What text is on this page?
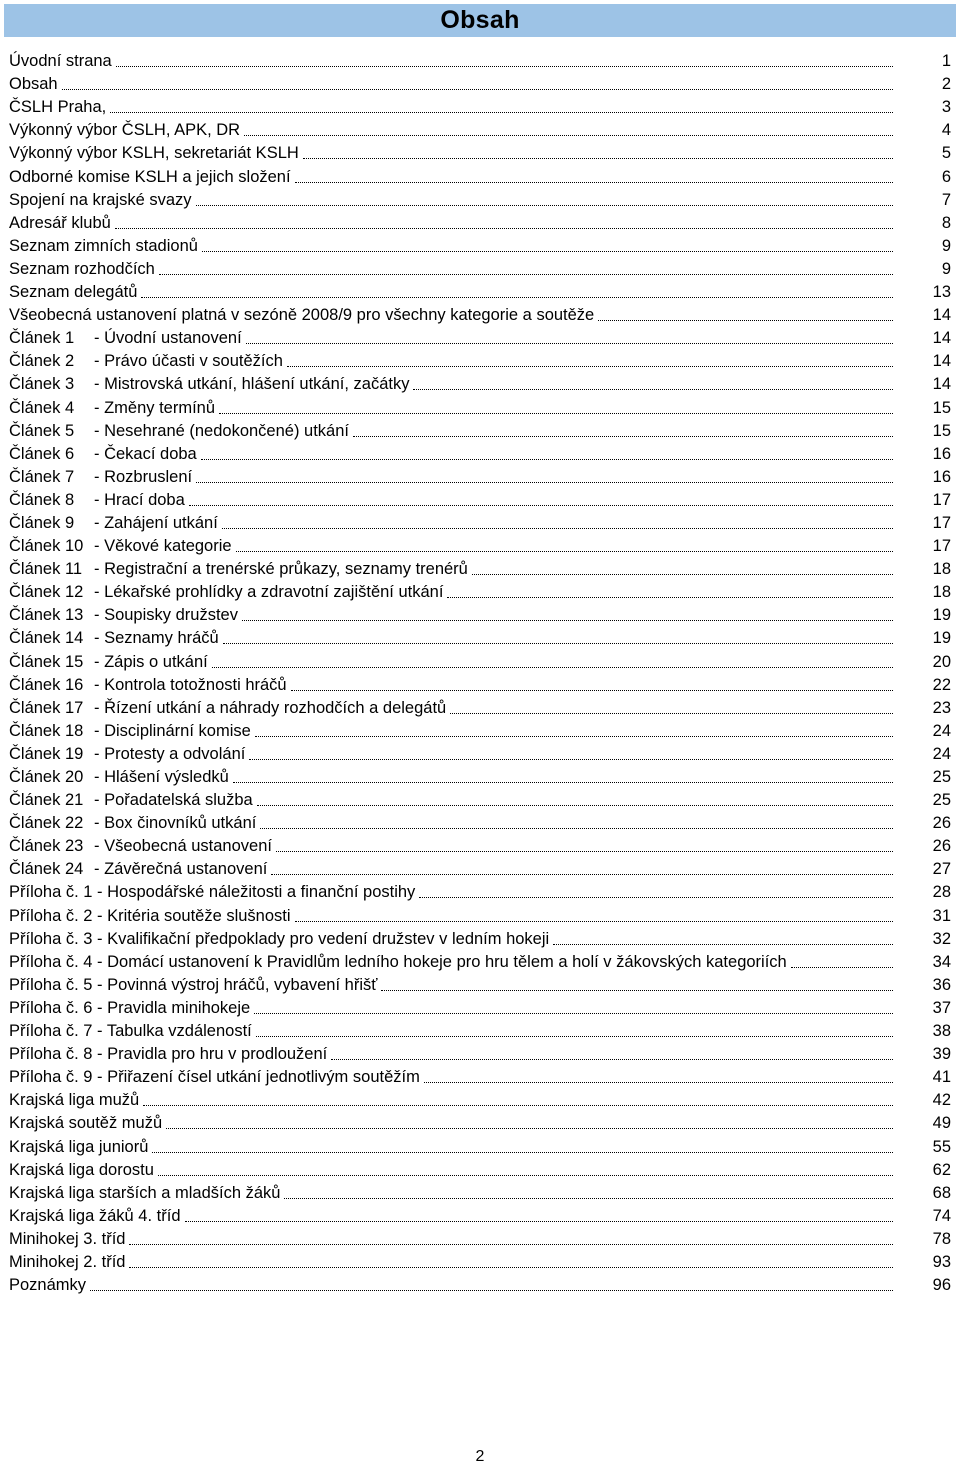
Obsah
Úvodní strana	1
Obsah	2
ČSLH Praha,	3
Výkonný výbor ČSLH, APK, DR	4
Výkonný výbor KSLH, sekretariát KSLH	5
Odborné komise KSLH a jejich složení	6
Spojení na krajské svazy	7
Adresář klubů	8
Seznam zimních stadionů	9
Seznam rozhodčích	9
Seznam delegátů	13
Všeobecná ustanovení platná v sezóně 2008/9 pro všechny kategorie a soutěže	14
Článek 1	- Úvodní ustanovení	14
Článek 2	- Právo účasti v soutěžích	14
Článek 3	- Mistrovská utkání, hlášení utkání, začátky	14
Článek 4	- Změny termínů	15
Článek 5	- Nesehrané (nedokončené) utkání	15
Článek 6	- Čekací doba	16
Článek 7	- Rozbruslení	16
Článek 8	- Hrací doba	17
Článek 9	- Zahájení utkání	17
Článek 10 - Věkové kategorie	17
Článek 11 - Registrační a trenérské průkazy, seznamy trenérů	18
Článek 12 - Lékařské prohlídky a zdravotní zajištění utkání	18
Článek 13 - Soupisky družstev	19
Článek 14 - Seznamy hráčů	19
Článek 15 - Zápis o utkání	20
Článek 16 - Kontrola totožnosti hráčů	22
Článek 17 - Řízení utkání a náhrady rozhodčích a delegátů	23
Článek 18 - Disciplinární komise	24
Článek 19 - Protesty a odvolání	24
Článek 20 - Hlášení výsledků	25
Článek 21 - Pořadatelská služba	25
Článek 22 - Box činovníků utkání	26
Článek 23 - Všeobecná ustanovení	26
Článek 24 - Závěrečná ustanovení	27
Příloha č. 1 - Hospodářské náležitosti a finanční postihy	28
Příloha č. 2 - Kritéria soutěže slušnosti	31
Příloha č. 3 - Kvalifikační předpoklady pro vedení družstev v ledním hokeji	32
Příloha č. 4 - Domácí ustanovení k Pravidlům ledního hokeje pro hru tělem a holí v žákovských kategoriích	34
Příloha č. 5 - Povinná výstroj hráčů, vybavení hřišť	36
Příloha č. 6 - Pravidla minihokeje	37
Příloha č. 7 - Tabulka vzdáleností	38
Příloha č. 8 - Pravidla pro hru v prodloužení	39
Příloha č. 9 - Přiřazení čísel utkání jednotlivým soutěžím	41
Krajská liga mužů	42
Krajská soutěž mužů	49
Krajská liga juniorů	55
Krajská liga dorostu	62
Krajská liga starších a mladších žáků	68
Krajská liga žáků 4. tříd	74
Minihokej 3. tříd	78
Minihokej 2. tříd	93
Poznámky	96
2
